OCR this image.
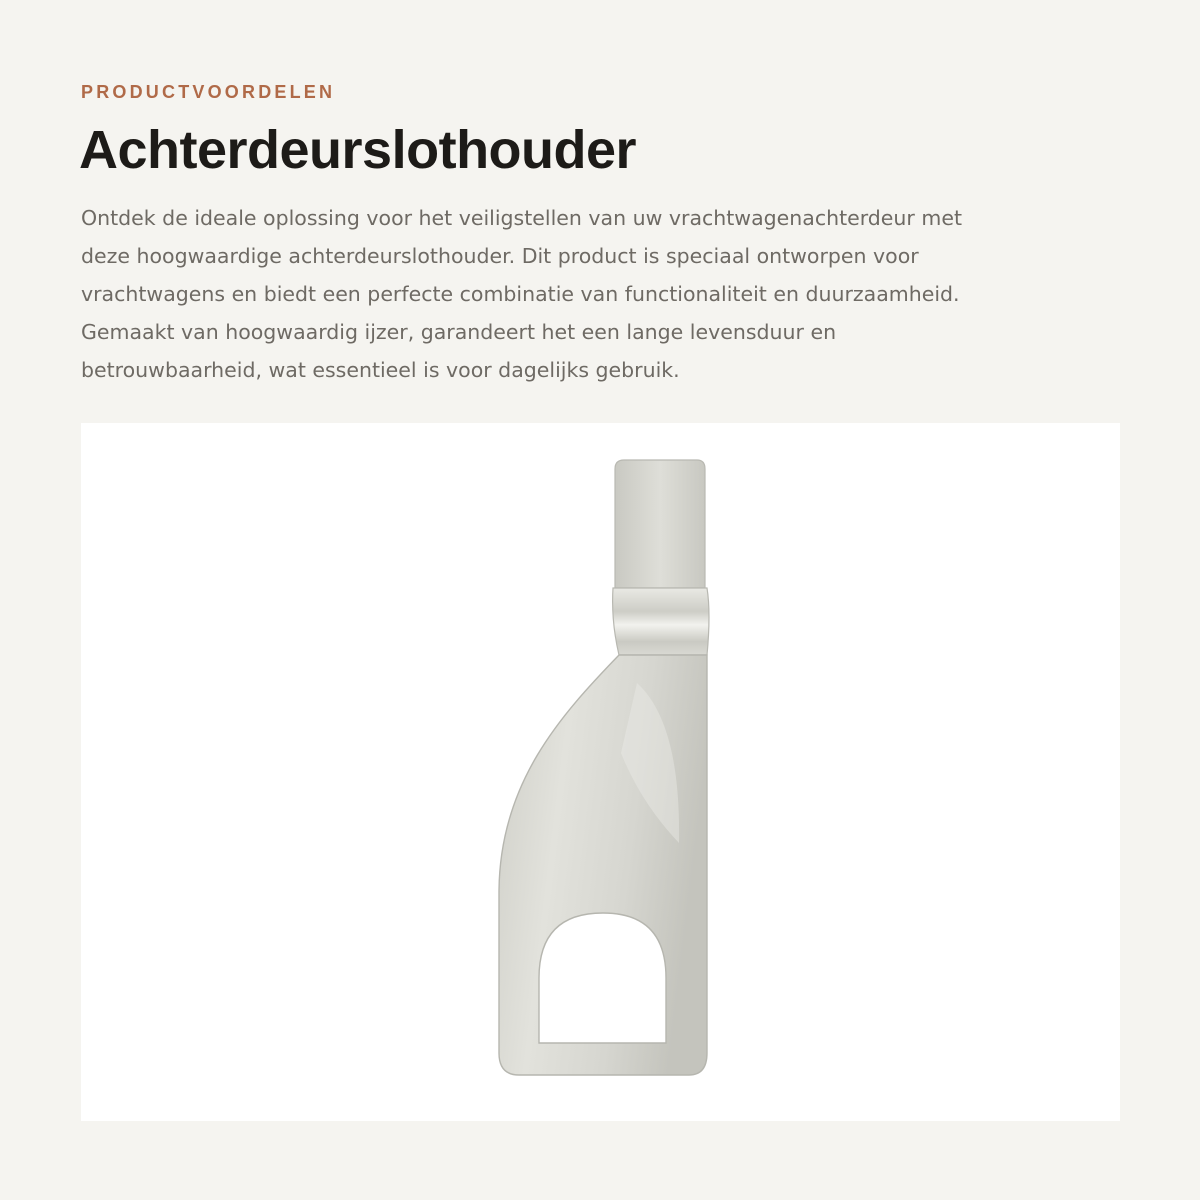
PRODUCTVOORDELEN

Achterdeurslothouder

Ontdek de ideale oplossing voor het veiligstellen van uw vrachtwagenachterdeur met
deze hoogwaardige achterdeurslothouder. Dit product is speciaal ontworpen voor
vrachtwagens en biedt een perfecte combinatie van functionaliteit en duurzaamheid.
Gemaakt van hoogwaardig ijzer, garandeert het een lange levensduur en
betrouwbaarheid, wat essentieel is voor dagelijks gebruik.
